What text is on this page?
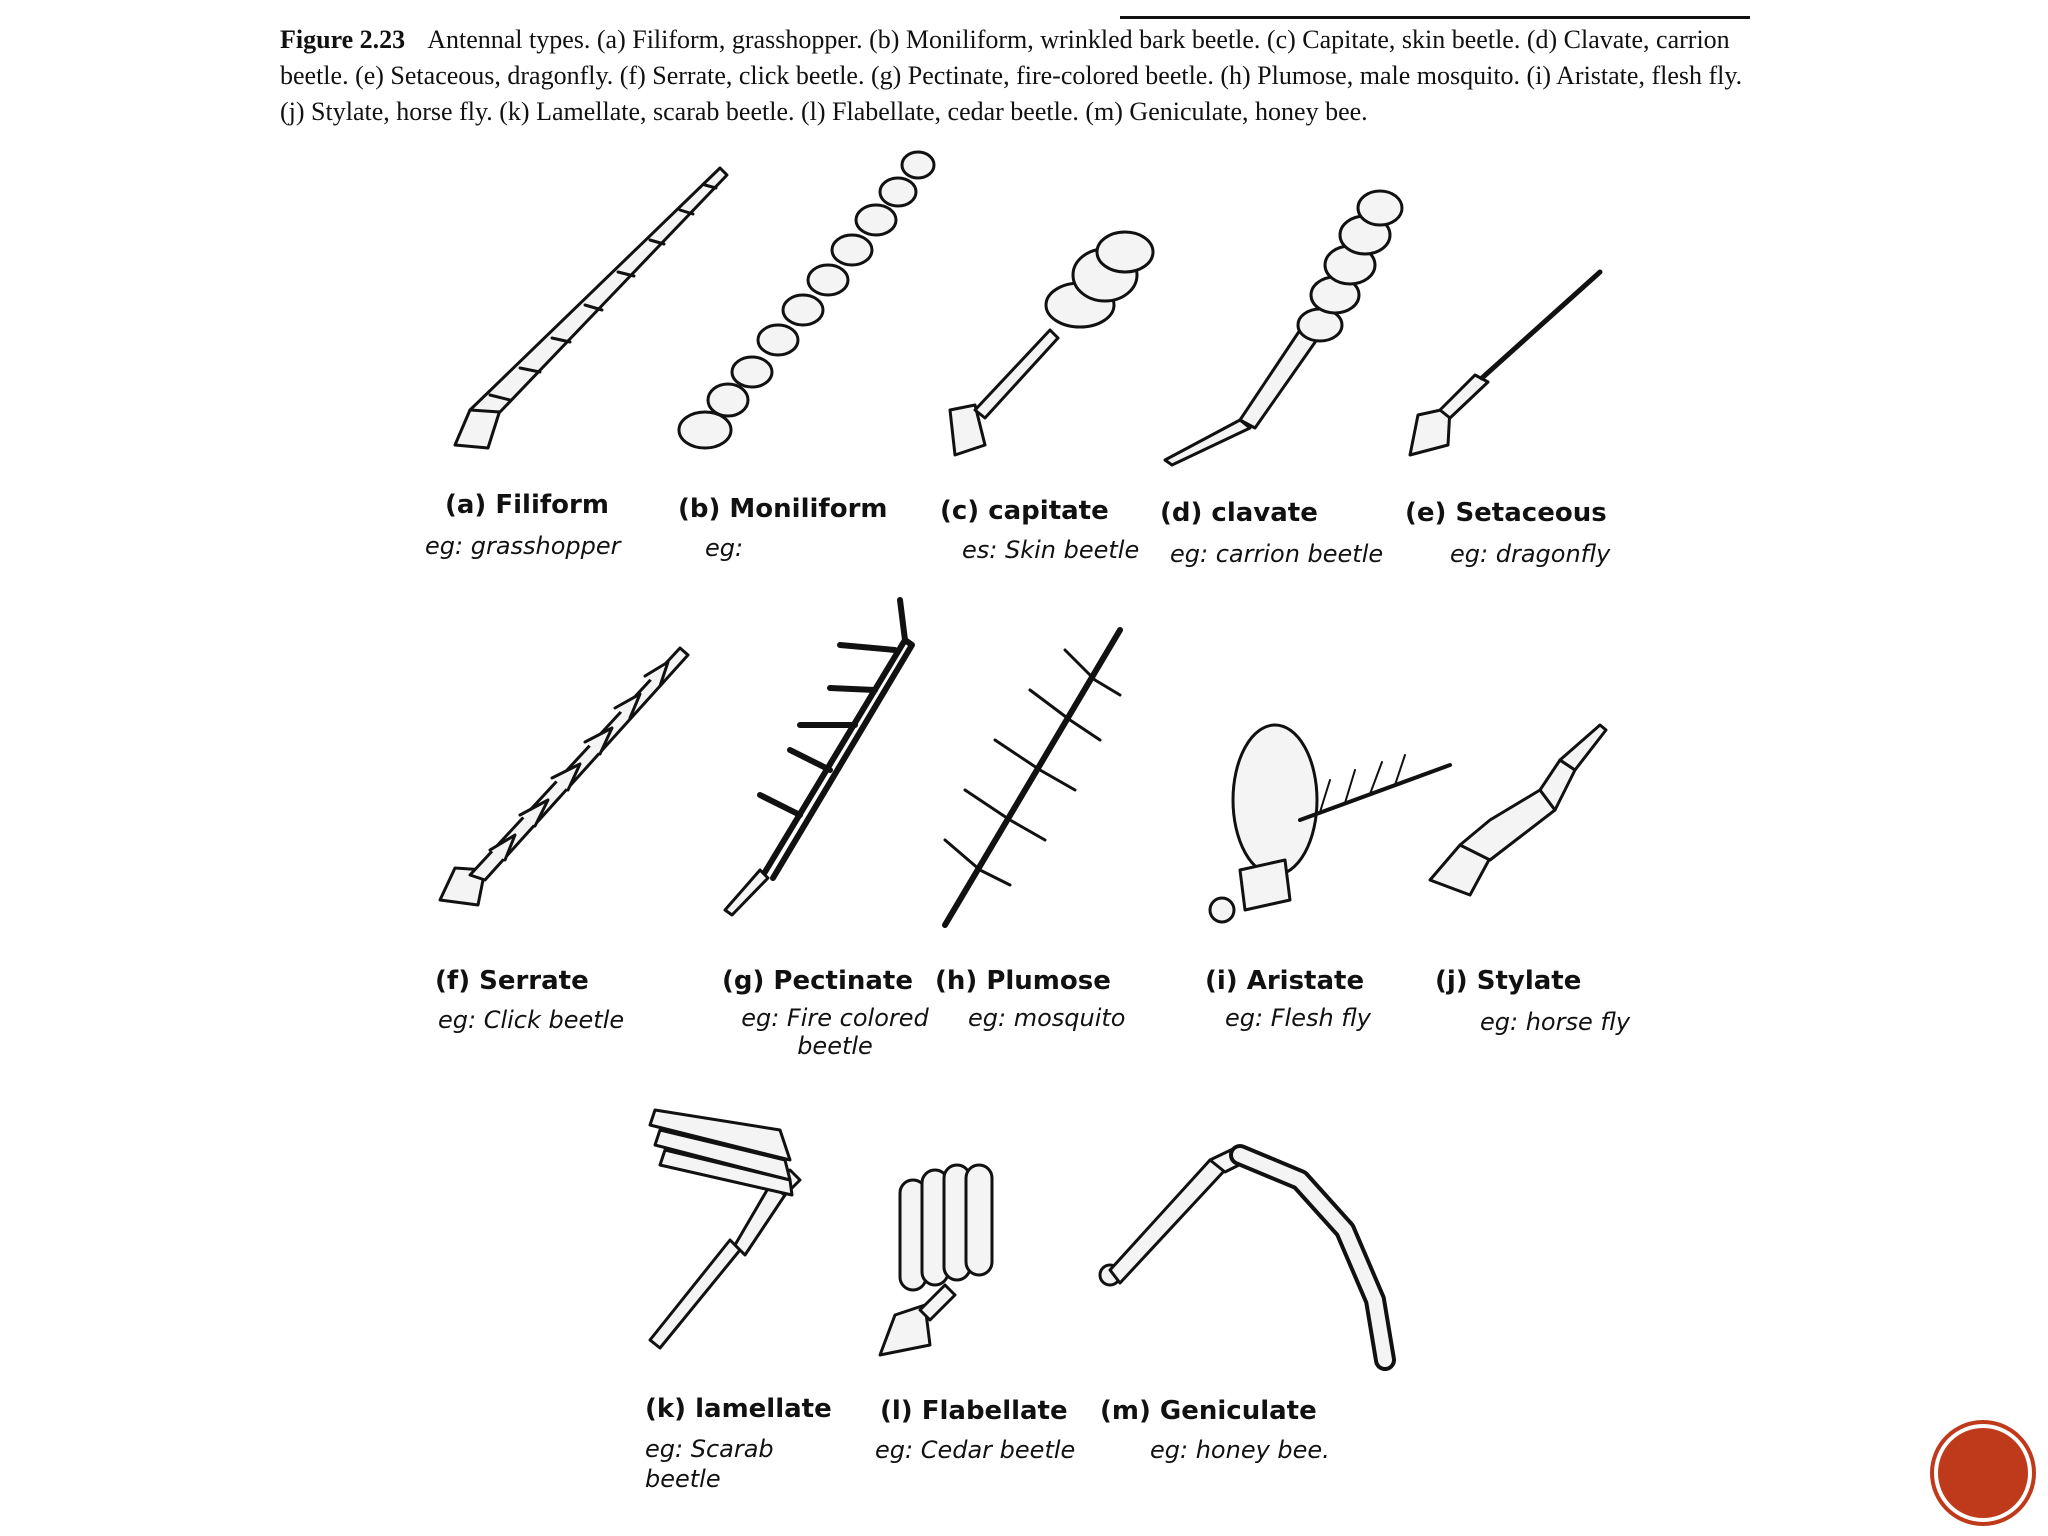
Figure 2.23 Antennal types. (a) Filiform, grasshopper. (b) Moniliform, wrinkled bark beetle. (c) Capitate, skin beetle. (d) Clavate, carrion beetle. (e) Setaceous, dragonfly. (f) Serrate, click beetle. (g) Pectinate, fire-colored beetle. (h) Plumose, male mosquito. (i) Aristate, flesh fly. (j) Stylate, horse fly. (k) Lamellate, scarab beetle. (l) Flabellate, cedar beetle. (m) Geniculate, honey bee.
(a) Filiform
eg: grasshopper
(b) Moniliform
eg:
(c) capitate
es: Skin beetle
(d) clavate
eg: carrion beetle
(e) Setaceous
eg: dragonfly
(f) Serrate
eg: Click beetle
(g) Pectinate
eg: Fire colored beetle
(h) Plumose
eg: mosquito
(i) Aristate
eg: Flesh fly
(j) Stylate
eg: horse fly
(k) lamellate
eg: Scarab beetle
(l) Flabellate
eg: Cedar beetle
(m) Geniculate
eg: honey bee.
